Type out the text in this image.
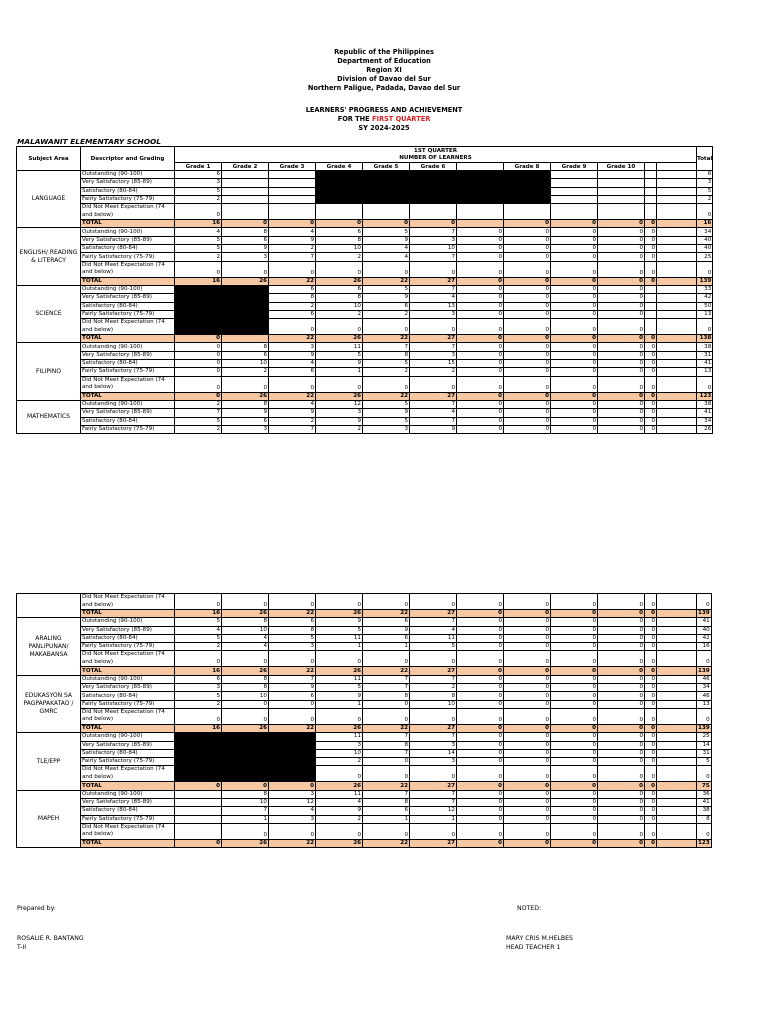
Republic of the Philippines
Department of Education
Region XI
Division of Davao del Sur
Northern Paligue, Padada, Davao del Sur
LEARNERS' PROGRESS AND ACHIEVEMENT
FOR THE FIRST QUARTER
SY 2024-2025
MALAWANIT ELEMENTARY SCHOOL
Subject Area	Descriptor and Grading	1ST QUARTER												Total
		NUMBER OF LEARNERS												
		Grade 1	Grade 2	Grade 3	Grade 4	Grade 5	Grade 6		Grade 8	Grade 9	Grade 10			
LANGUAGE	Outstanding (90-100)	6												6
	Very Satisfactory (85-89)	3												3
	Satisfactory (80-84)	5												5
	Fairly Satisfactory (75-79)	2												2
	Did Not Meet Expectation (74 and below)	0												0
	TOTAL	16	0	0	0	0	0		0	0	0	0		16
ENGLISH/ READING & LITERACY	Outstanding (90-100)	4	8	4	6	5	7	0	0	0	0	0		34
	Very Satisfactory (85-89)	5	6	9	8	9	3	0	0	0	0	0		40
	Satisfactory (80-84)	5	9	2	10	4	10	0	0	0	0	0		40
	Fairly Satisfactory (75-79)	2	3	7	2	4	7	0	0	0	0	0		25
	Did Not Meet Expectation (74 and below)	0	0	0	0	0	0	0	0	0	0	0		0
	TOTAL	16	26	22	26	22	27	0	0	0	0	0		139
SCIENCE	Outstanding (90-100)			6	6	5	7	0	0	0	0			33
	Very Satisfactory (85-89)			8	8	9	4	0	0	0	0			42
	Satisfactory (80-84)			2	10	6	13	0	0	0	0			50
	Fairly Satisfactory (75-79)			6	2	2	3	0	0	0	0			13
	Did Not Meet Expectation (74 and below)			0	0	0	0	0	0	0	0			0
	TOTAL	0		22	26	22	27	0	0	0	0	0		138
FILIPINO	Outstanding (90-100)	0	8	3	11	7	7	0	0	0	0	0		38
	Very Satisfactory (85-89)	0	6	9	5	8	3	0	0	0	0	0		31
	Satisfactory (80-84)	0	10	4	9	5	15	0	0	0	0	0		41
	Fairly Satisfactory (75-79)	0	2	6	1	2	2	0	0	0	0	0		13
	Did Not Meet Expectation (74 and below)	0	0	0	0	0	0	0	0	0	0	0		0
	TOTAL	0	26	22	26	22	27	0	0	0	0	0		123
MATHEMATICS	Outstanding (90-100)	2	8	4	12	5	7	0	0	0	0	0		38
	Very Satisfactory (85-89)	7	9	9	3	9	4	0	0	0	0	0		41
	Satisfactory (80-84)	5	6	2	9	5	7	0	0	0	0	0		34
	Fairly Satisfactory (75-79)	2	3	7	2	3	9	0	0	0	0	0		26
	Did Not Meet Expectation (74 and below)	0	0	0	0	0	0	0	0	0	0	0		0
	TOTAL	16	26	22	26	22	27	0	0	0	0	0		139
ARALING PANLIPUNAN/ MAKABANSA	Outstanding (90-100)	5	8	6	9	6	7	0	0	0	0	0		41
	Very Satisfactory (85-89)	4	10	8	5	9	4	0	0	0	0	0		40
	Satisfactory (80-84)	5	4	5	11	6	11	0	0	0	0	0		42
	Fairly Satisfactory (75-79)	2	4	3	1	1	5	0	0	0	0	0		16
	Did Not Meet Expectation (74 and below)	0	0	0	0	0	0	0	0	0	0	0		0
	TOTAL	16	26	22	26	22	27	0	0	0	0	0		139
EDUKASYON SA PAGPAPAKATAO / GMRC	Outstanding (90-100)	6	8	7	11	7	7	0	0	0	0	0		46
	Very Satisfactory (85-89)	3	8	9	5	7	2	0	0	0	0	0		34
	Satisfactory (80-84)	5	10	6	9	8	8	0	0	0	0	0		46
	Fairly Satisfactory (75-79)	2	0	0	1	0	10	0	0	0	0	0		13
	Did Not Meet Expectation (74 and below)	0	0	0	0	0	0	0	0	0	0	0		0
	TOTAL	16	26	22	26	22	27	0	0	0	0	0		139
TLE/EPP	Outstanding (90-100)				11	7	7	0	0	0	0	0		25
	Very Satisfactory (85-89)				3	8	3	0	0	0	0	0		14
	Satisfactory (80-84)				10	7	14	0	0	0	0	0		31
	Fairly Satisfactory (75-79)				2	0	3	0	0	0	0	0		5
	Did Not Meet Expectation (74 and below)				0	0	0	0	0	0	0	0		0
	TOTAL	0	0	0	26	22	27	0	0	0	0	0		75
MAPEH	Outstanding (90-100)		8	3	11	7	7	0	0	0	0	0		36
	Very Satisfactory (85-89)		10	12	4	8	7	0	0	0	0	0		41
	Satisfactory (80-84)		7	4	9	6	12	0	0	0	0	0		38
	Fairly Satisfactory (75-79)		1	3	2	1	1	0	0	0	0	0		8
	Did Not Meet Expectation (74 and below)		0	0	0	0	0	0	0	0	0	0		0
	TOTAL	0	26	22	26	22	27	0	0	0	0	0		123
Prepared by:	NOTED:
ROSALIE R. BANTANG
T-II
MARY CRIS M.HELBES
HEAD TEACHER 1
